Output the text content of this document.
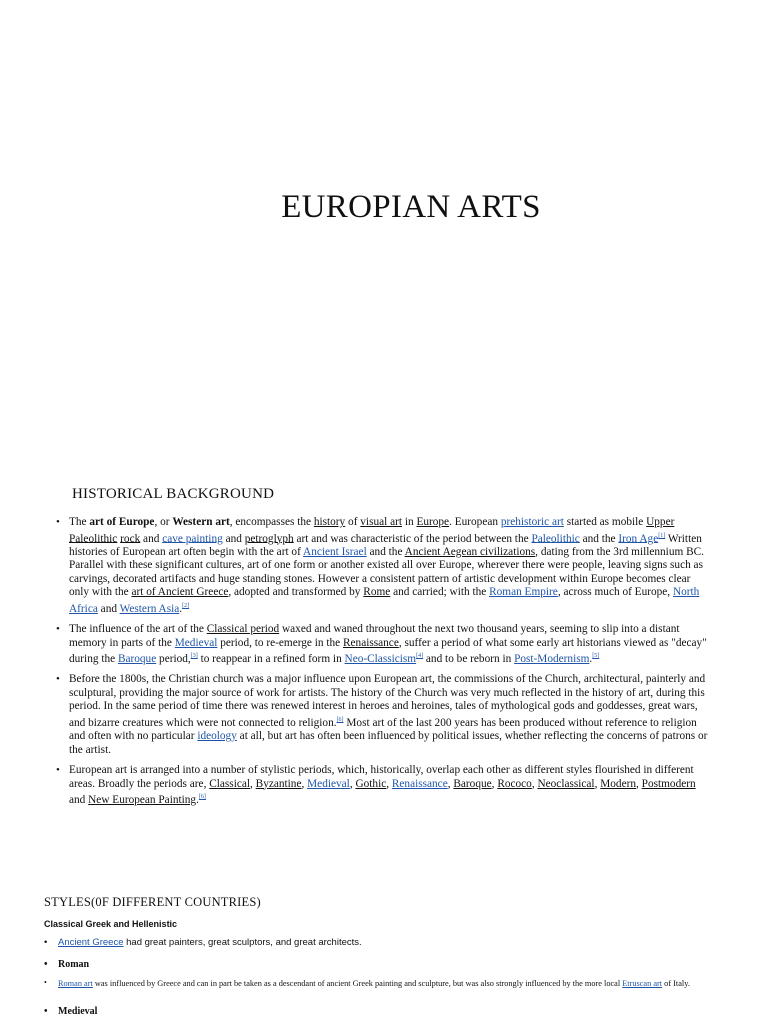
EUROPIAN ARTS
HISTORICAL BACKGROUND
• The art of Europe, or Western art, encompasses the history of visual art in Europe. European prehistoric art started as mobile Upper Paleolithic rock and cave painting and petroglyph art and was characteristic of the period between the Paleolithic and the Iron Age[1] Written histories of European art often begin with the art of Ancient Israel and the Ancient Aegean civilizations, dating from the 3rd millennium BC. Parallel with these significant cultures, art of one form or another existed all over Europe, wherever there were people, leaving signs such as carvings, decorated artifacts and huge standing stones. However a consistent pattern of artistic development within Europe becomes clear only with the art of Ancient Greece, adopted and transformed by Rome and carried; with the Roman Empire, across much of Europe, North Africa and Western Asia.[2]
• The influence of the art of the Classical period waxed and waned throughout the next two thousand years, seeming to slip into a distant memory in parts of the Medieval period, to re-emerge in the Renaissance, suffer a period of what some early art historians viewed as "decay" during the Baroque period,[3] to reappear in a refined form in Neo-Classicism[4] and to be reborn in Post-Modernism.[5]
• Before the 1800s, the Christian church was a major influence upon European art, the commissions of the Church, architectural, painterly and sculptural, providing the major source of work for artists. The history of the Church was very much reflected in the history of art, during this period. In the same period of time there was renewed interest in heroes and heroines, tales of mythological gods and goddesses, great wars, and bizarre creatures which were not connected to religion.[6] Most art of the last 200 years has been produced without reference to religion and often with no particular ideology at all, but art has often been influenced by political issues, whether reflecting the concerns of patrons or the artist.
• European art is arranged into a number of stylistic periods, which, historically, overlap each other as different styles flourished in different areas. Broadly the periods are, Classical, Byzantine, Medieval, Gothic, Renaissance, Baroque, Rococo, Neoclassical, Modern, Postmodern and New European Painting.[6]
STYLES(0F DIFFERENT COUNTRIES)
Classical Greek and Hellenistic
• Ancient Greece had great painters, great sculptors, and great architects.
• Roman
• Roman art was influenced by Greece and can in part be taken as a descendant of ancient Greek painting and sculpture, but was also strongly influenced by the more local Etruscan art of Italy.
• Medieval
